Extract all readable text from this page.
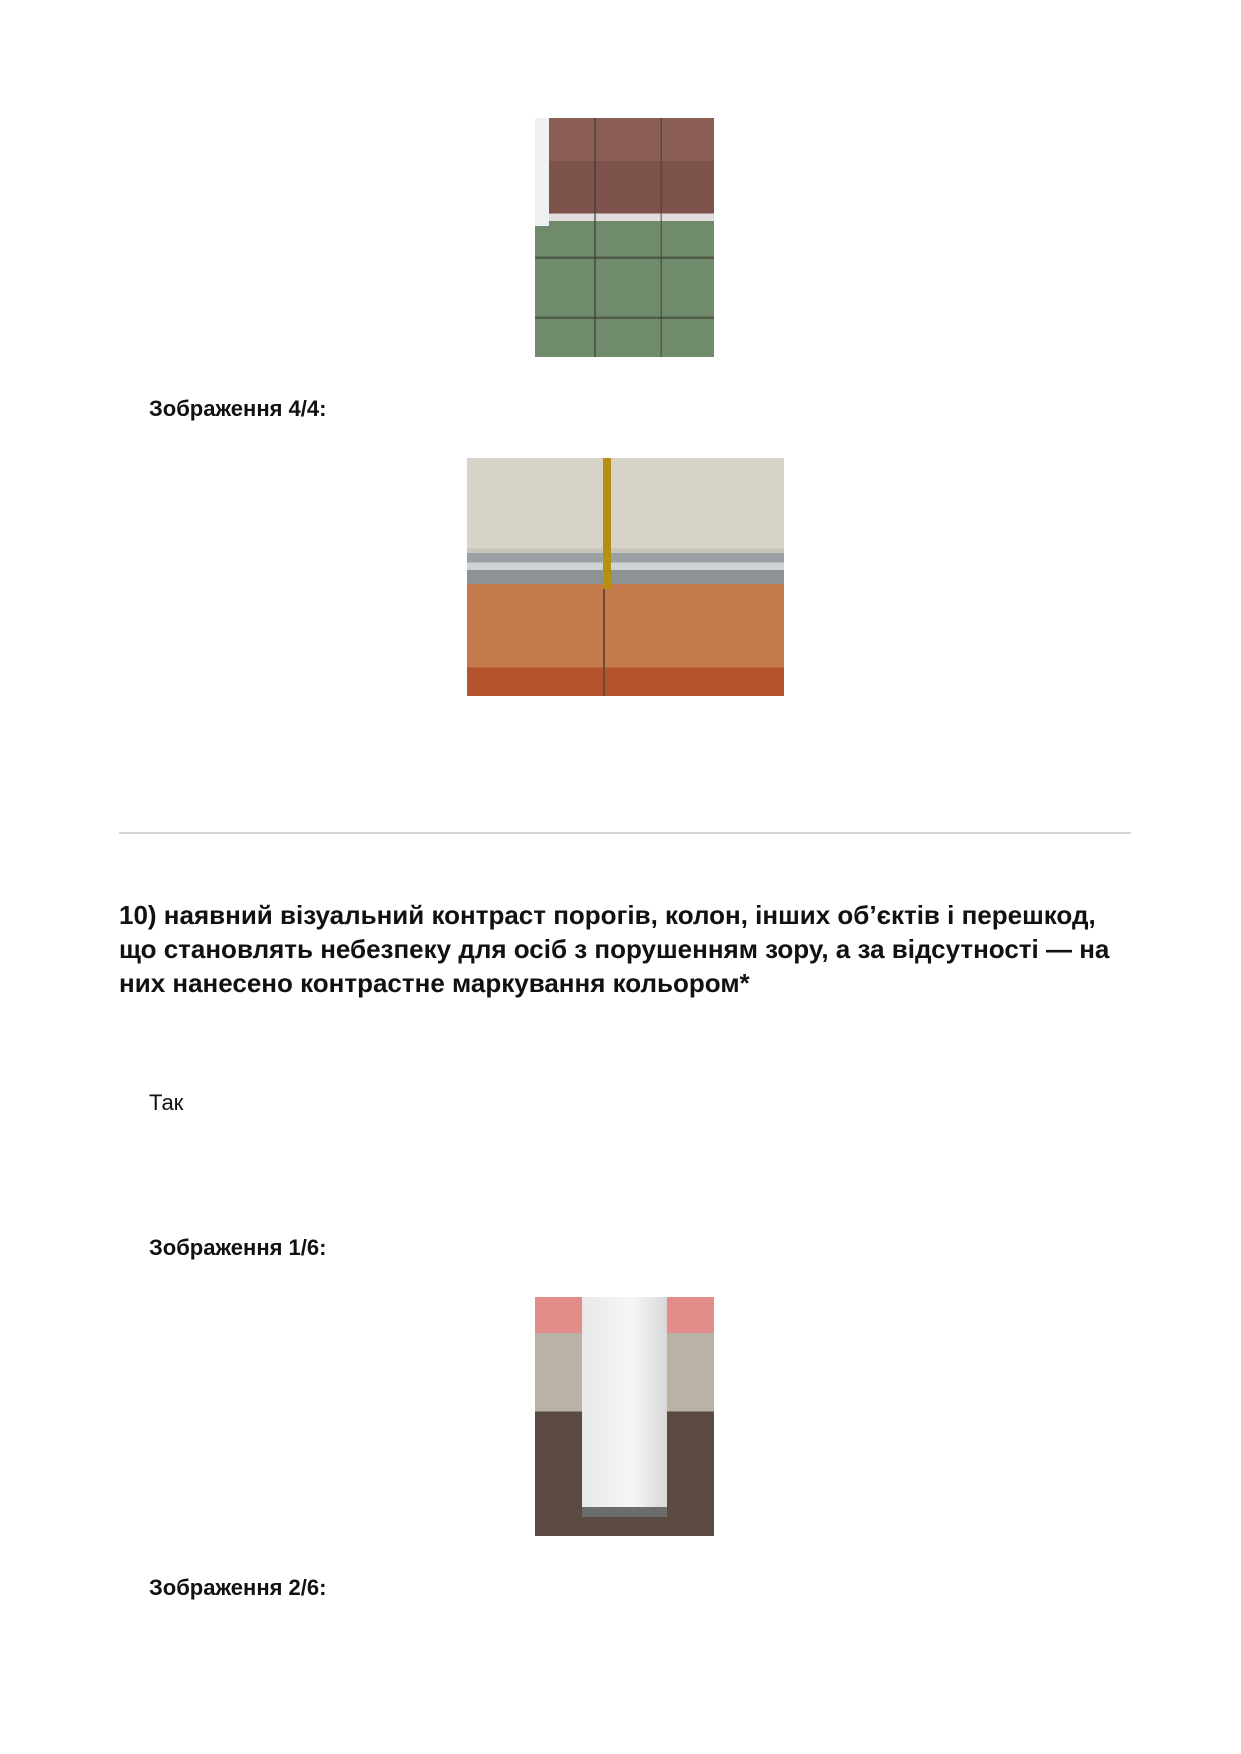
Зображення 4/4:
10) наявний візуальний контраст порогів, колон, інших об’єктів і перешкод, що становлять небезпеку для осіб з порушенням зору, а за відсутності — на них нанесено контрастне маркування кольором*
Так
Зображення 1/6:
Зображення 2/6:
